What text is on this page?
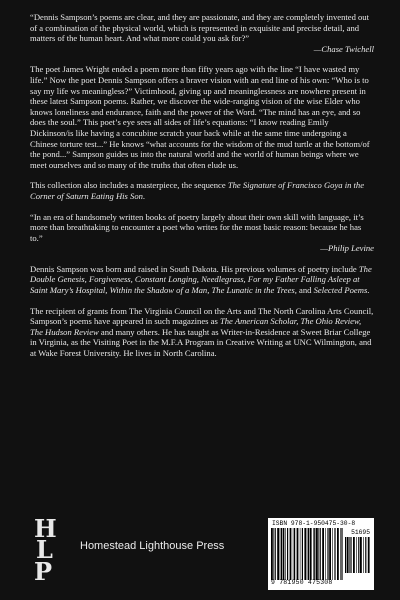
“Dennis Sampson’s poems are clear, and they are passionate, and they are completely invented out of a combination of the physical world, which is represented in exquisite and precise detail, and matters of the human heart. And what more could you ask for?”

—Chase Twichell

The poet James Wright ended a poem more than fifty years ago with the line “I have wasted my life.” Now the poet Dennis Sampson offers a braver vision with an end line of his own: “Who is to say my life ws meaningless?” Victimhood, giving up and meaninglessness are nowhere present in these latest Sampson poems. Rather, we discover the wide-ranging vision of the wise Elder who knows loneliness and endurance, faith and the power of the Word. “The mind has an eye, and so does the soul.” This poet’s eye sees all sides of life’s equations: “I know reading Emily Dickinson/is like having a concubine scratch your back while at the same time undergoing a Chinese torture test...” He knows “what accounts for the wisdom of the mud turtle at the bottom/of the pond...” Sampson guides us into the natural world and the world of human beings where we meet ourselves and so many of the truths that often elude us.

This collection also includes a masterpiece, the sequence The Signature of Francisco Goya in the Corner of Saturn Eating His Son.

“In an era of handsomely written books of poetry largely about their own skill with language, it’s more than breathtaking to encounter a poet who writes for the most basic reason: because he has to.”

—Philip Levine

Dennis Sampson was born and raised in South Dakota. His previous volumes of poetry include The Double Genesis, Forgiveness, Constant Longing, Needlegrass, For my Father Falling Asleep at Saint Mary’s Hospital, Within the Shadow of a Man, The Lunatic in the Trees, and Selected Poems.

The recipient of grants from The Virginia Council on the Arts and The North Carolina Arts Council, Sampson’s poems have appeared in such magazines as The American Scholar, The Ohio Review, The Hudson Review and many others. He has taught as Writer-in-Residence at Sweet Briar College in Virginia, as the Visiting Poet in the M.F.A Program in Creative Writing at UNC Wilmington, and at Wake Forest University. He lives in North Carolina.

H
L
P
Homestead Lighthouse Press
ISBN 978-1-950475-30-8
51695
9 781950 475308
